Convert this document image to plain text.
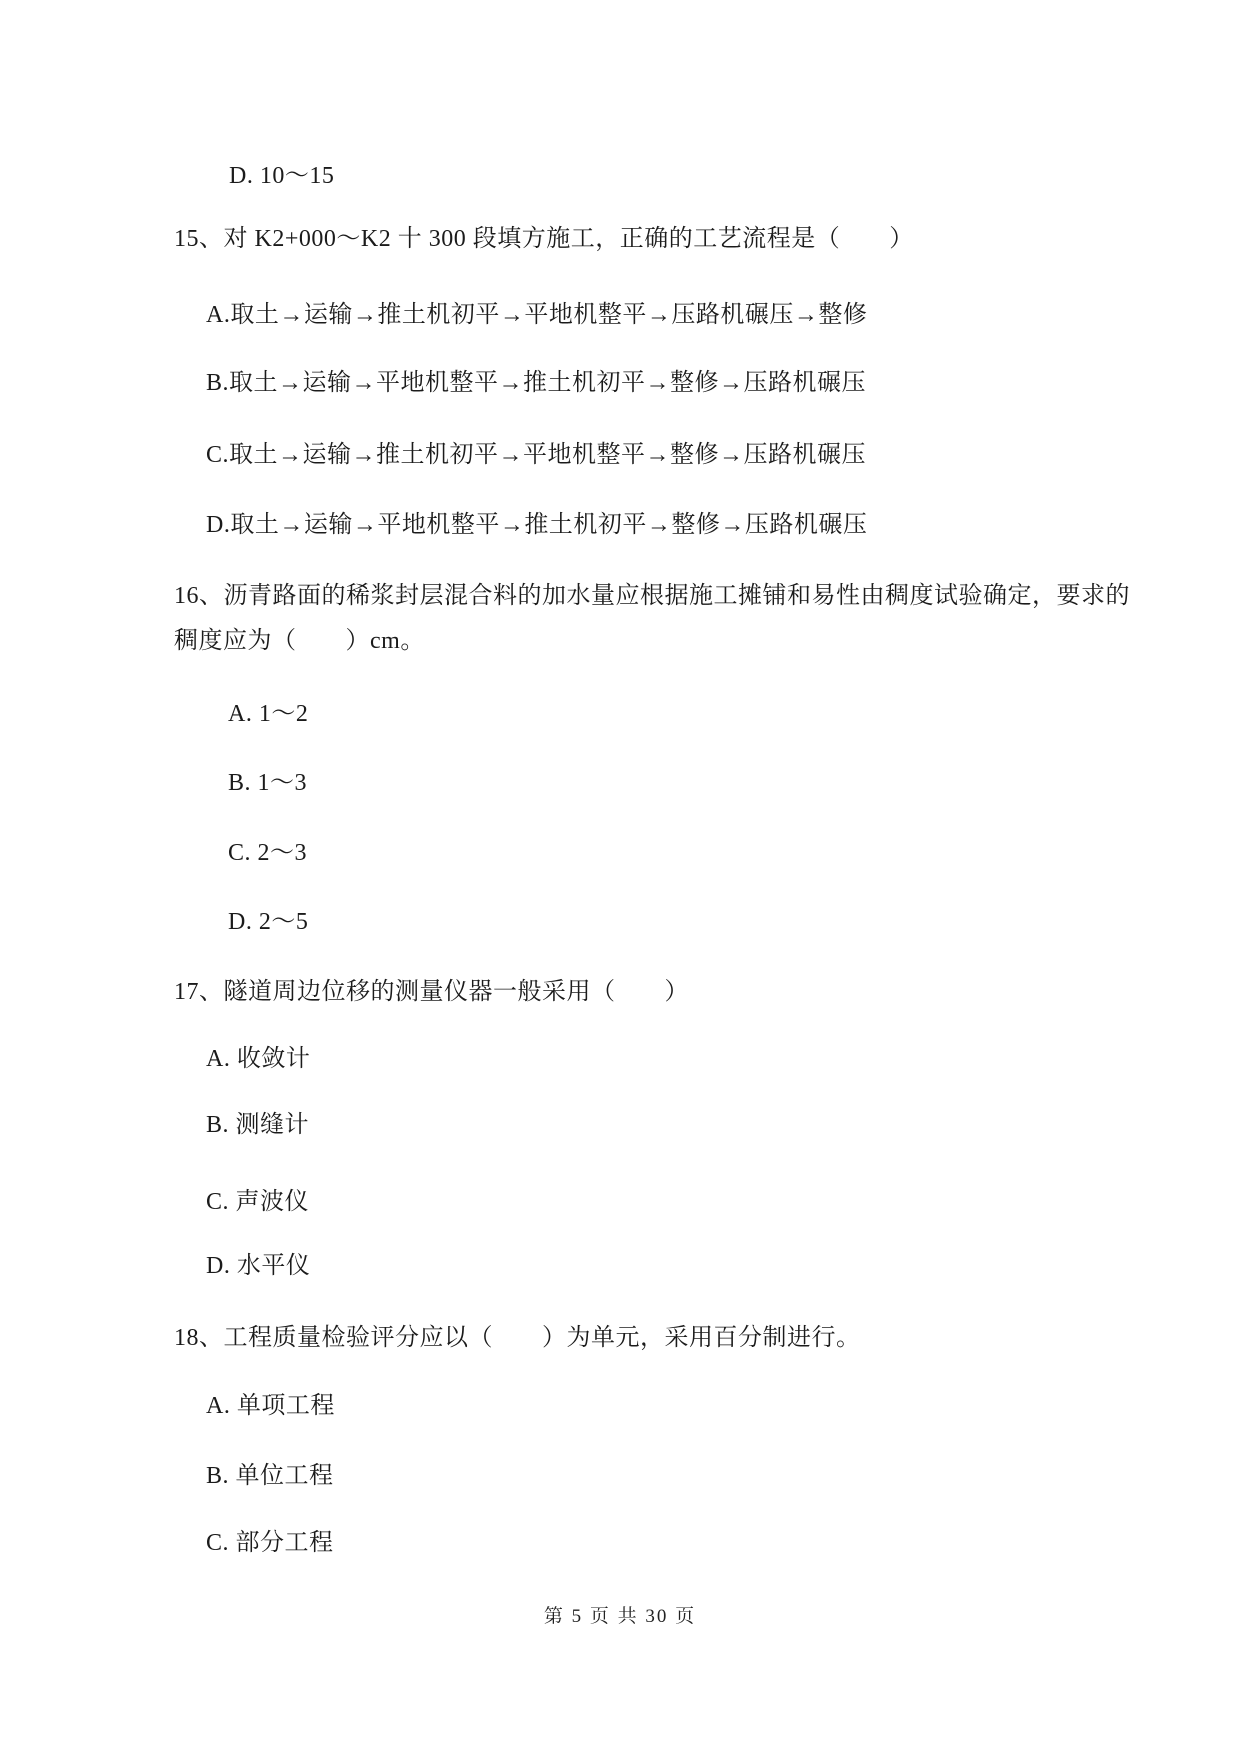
D. 10～15
15、对 K2+000～K2 十 300 段填方施工，正确的工艺流程是（　　）
A.取土→运输→推土机初平→平地机整平→压路机碾压→整修
B.取土→运输→平地机整平→推土机初平→整修→压路机碾压
C.取土→运输→推土机初平→平地机整平→整修→压路机碾压
D.取土→运输→平地机整平→推土机初平→整修→压路机碾压
16、沥青路面的稀浆封层混合料的加水量应根据施工摊铺和易性由稠度试验确定，要求的
稠度应为（　　）cm。
A. 1～2
B. 1～3
C. 2～3
D. 2～5
17、隧道周边位移的测量仪器一般采用（　　）
A. 收敛计
B. 测缝计
C. 声波仪
D. 水平仪
18、工程质量检验评分应以（　　）为单元，采用百分制进行。
A. 单项工程
B. 单位工程
C. 部分工程
第 5 页 共 30 页
